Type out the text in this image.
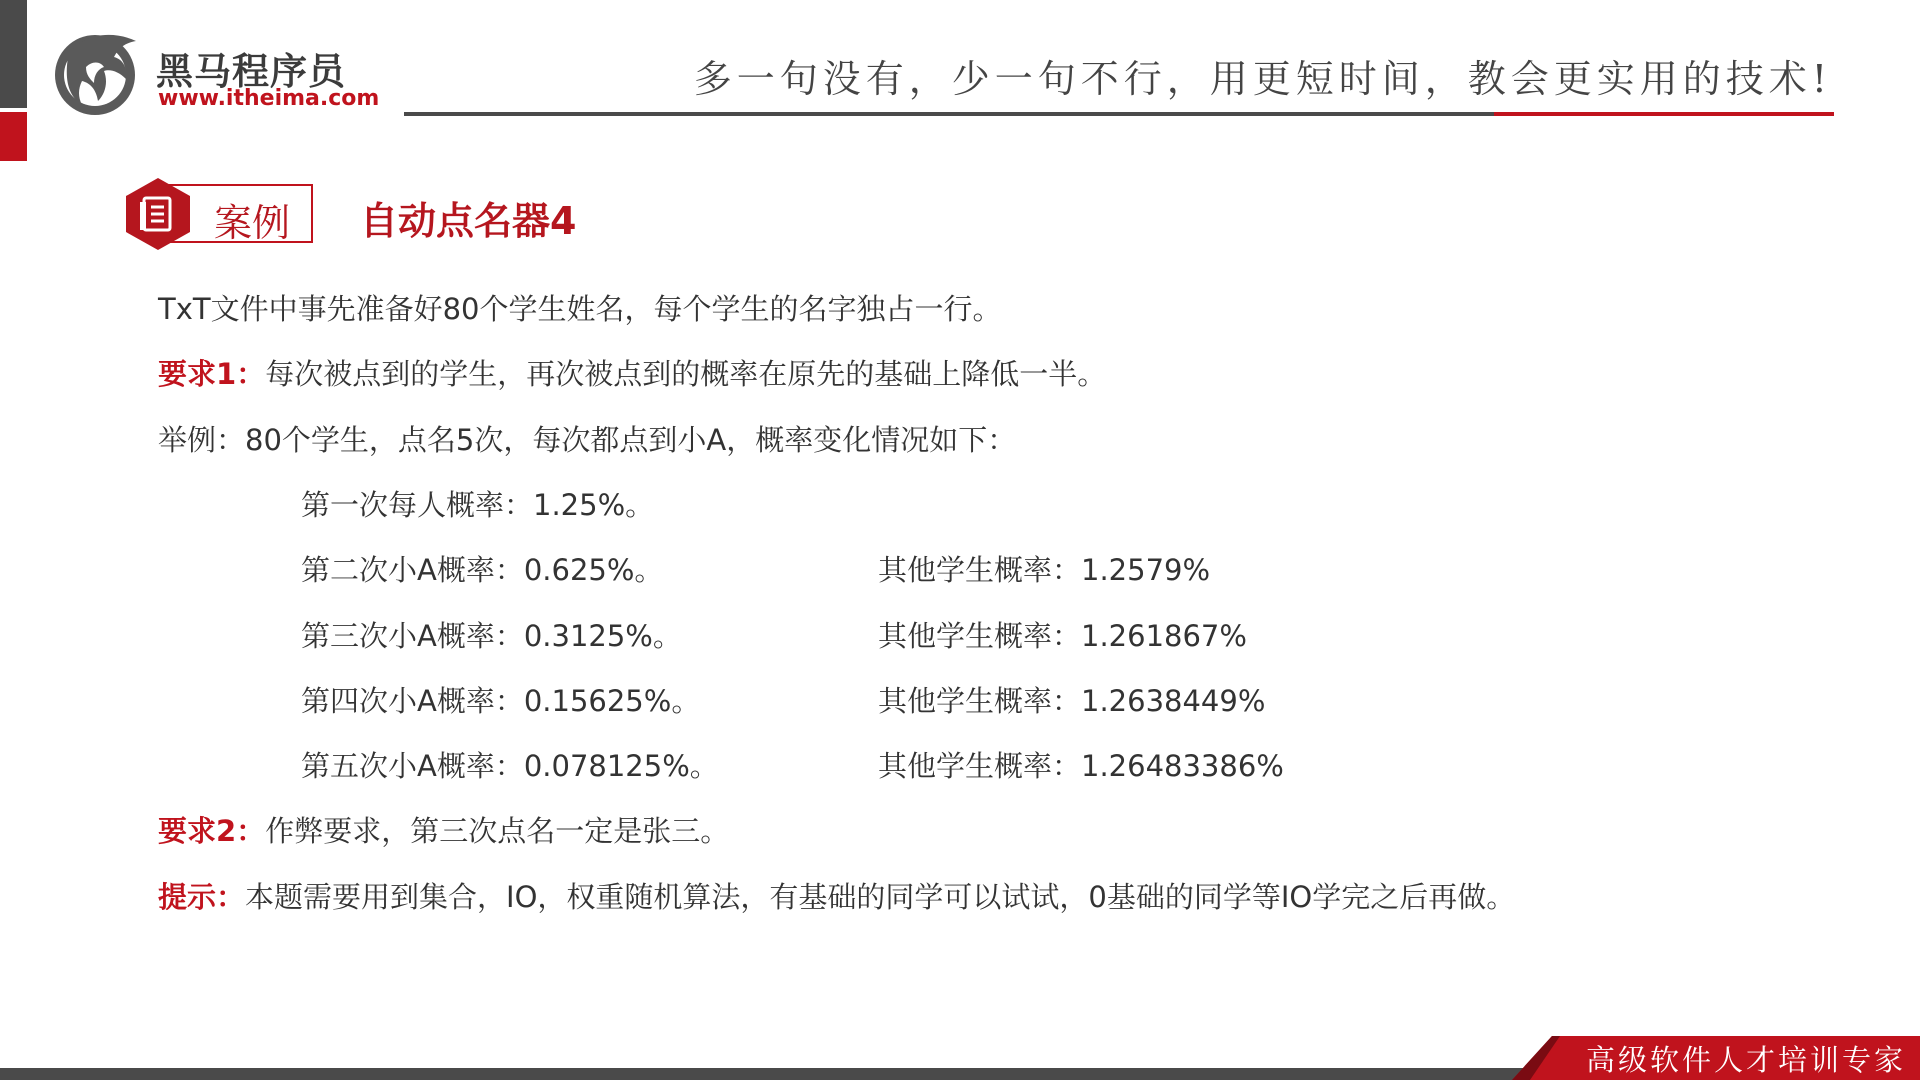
黑马程序员
www.itheima.com	多一句没有，少一句不行，用更短时间，教会更实用的技术!
案例 自动点名器4
TxT文件中事先准备好80个学生姓名，每个学生的名字独占一行。
要求1：每次被点到的学生，再次被点到的概率在原先的基础上降低一半。
举例：80个学生，点名5次，每次都点到小A，概率变化情况如下：
第一次每人概率：1.25%。
第二次小A概率：0.625%。	其他学生概率：1.2579%
第三次小A概率：0.3125%。	其他学生概率：1.261867%
第四次小A概率：0.15625%。	其他学生概率：1.2638449%
第五次小A概率：0.078125%。	其他学生概率：1.26483386%
要求2：作弊要求，第三次点名一定是张三。
提示：本题需要用到集合，IO，权重随机算法，有基础的同学可以试试，0基础的同学等IO学完之后再做。
高级软件人才培训专家
